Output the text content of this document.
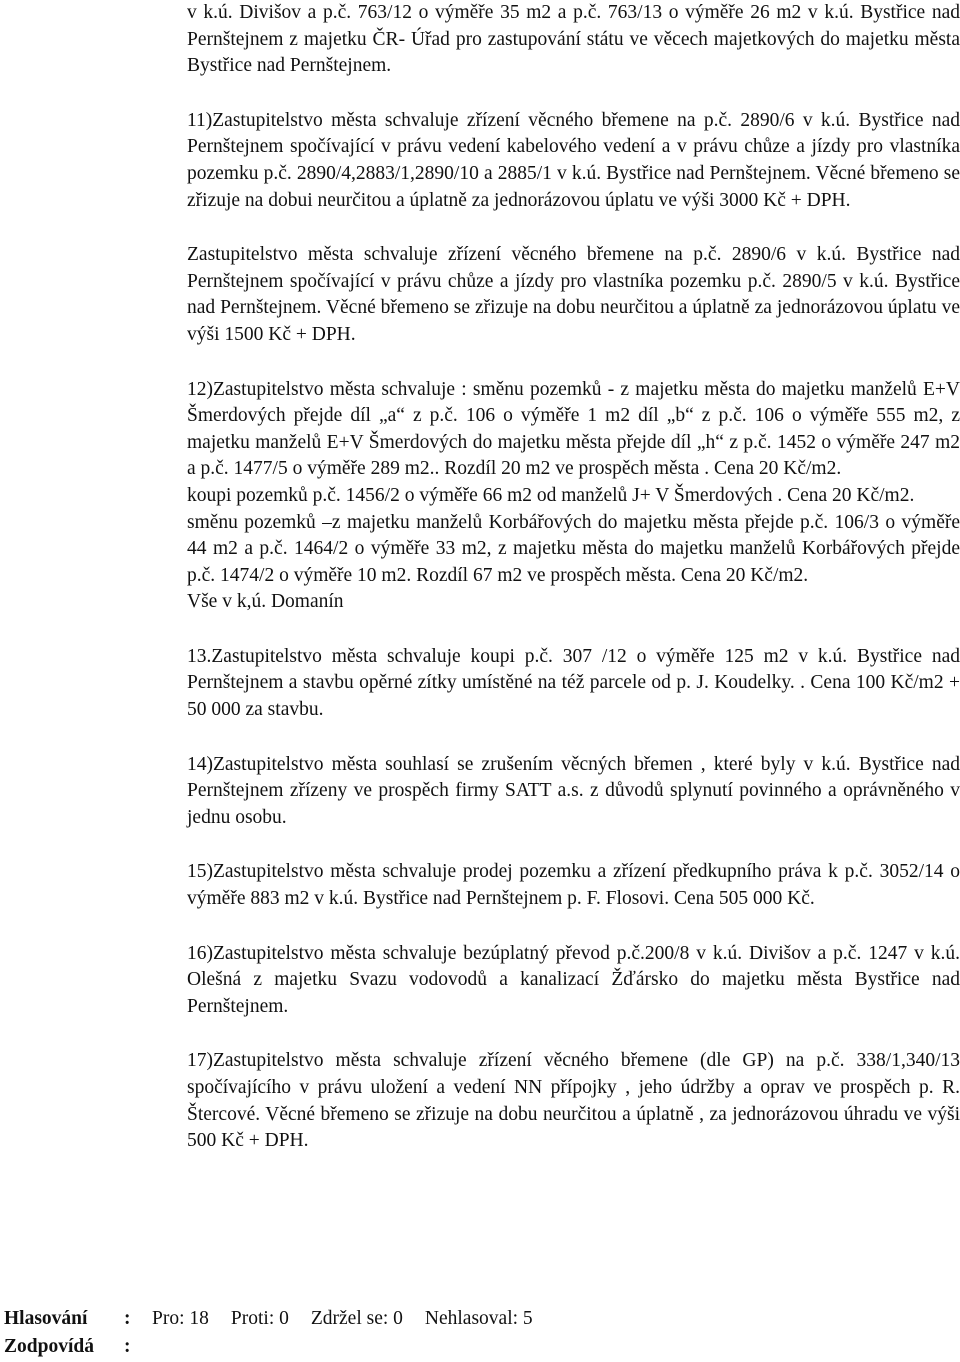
v k.ú. Divišov a p.č. 763/12 o výměře 35 m2 a p.č. 763/13 o výměře 26 m2 v k.ú. Bystřice nad Pernštejnem z majetku ČR- Úřad pro zastupování státu ve věcech majetkových do majetku města Bystřice nad Pernštejnem.

11)Zastupitelstvo města schvaluje zřízení věcného břemene na p.č. 2890/6 v k.ú. Bystřice nad Pernštejnem spočívající v právu vedení kabelového vedení a v právu chůze a jízdy pro vlastníka pozemku p.č. 2890/4,2883/1,2890/10 a 2885/1 v k.ú. Bystřice nad Pernštejnem. Věcné břemeno se zřizuje na dobui neurčitou a úplatně za jednorázovou úplatu ve výši 3000 Kč + DPH.

Zastupitelstvo města schvaluje zřízení věcného břemene na p.č. 2890/6 v k.ú. Bystřice nad Pernštejnem spočívající v právu chůze a jízdy pro vlastníka pozemku p.č. 2890/5 v k.ú. Bystřice nad Pernštejnem. Věcné břemeno se zřizuje na dobu neurčitou a úplatně za jednorázovou úplatu ve výši 1500 Kč + DPH.

12)Zastupitelstvo města schvaluje : směnu pozemků - z majetku města do majetku manželů E+V Šmerdových přejde díl „a“ z p.č. 106 o výměře 1 m2 díl „b“ z p.č. 106 o výměře 555 m2, z majetku manželů E+V Šmerdových do majetku města přejde díl „h“ z p.č. 1452 o výměře 247 m2 a p.č. 1477/5 o výměře 289 m2.. Rozdíl 20 m2 ve prospěch města . Cena 20 Kč/m2.

koupi pozemků p.č. 1456/2 o výměře 66 m2 od manželů J+ V Šmerdových . Cena 20 Kč/m2.

směnu pozemků –z majetku manželů Korbářových do majetku města přejde p.č. 106/3 o výměře 44 m2 a p.č. 1464/2 o výměře 33 m2, z majetku města do majetku manželů Korbářových přejde p.č. 1474/2 o výměře 10 m2. Rozdíl 67 m2 ve prospěch města. Cena 20 Kč/m2.

Vše v k,ú. Domanín

13.Zastupitelstvo města schvaluje koupi p.č. 307 /12 o výměře 125 m2 v k.ú. Bystřice nad Pernštejnem a stavbu opěrné zítky umístěné na též parcele od p. J. Koudelky. . Cena 100 Kč/m2 + 50 000 za stavbu.

14)Zastupitelstvo města souhlasí se zrušením věcných břemen , které byly v k.ú. Bystřice nad Pernštejnem zřízeny ve prospěch firmy SATT a.s. z důvodů splynutí povinného a oprávněného v jednu osobu.

15)Zastupitelstvo města schvaluje prodej pozemku a zřízení předkupního práva k p.č. 3052/14 o výměře 883 m2 v k.ú. Bystřice nad Pernštejnem p. F. Flosovi. Cena 505 000 Kč.

16)Zastupitelstvo města schvaluje bezúplatný převod p.č.200/8 v k.ú. Divišov a p.č. 1247 v k.ú. Olešná z majetku Svazu vodovodů a kanalizací Žďársko do majetku města Bystřice nad Pernštejnem.

17)Zastupitelstvo města schvaluje zřízení věcného břemene (dle GP) na p.č. 338/1,340/13 spočívajícího v právu uložení a vedení NN přípojky , jeho údržby a oprav ve prospěch p. R. Štercové. Věcné břemeno se zřizuje na dobu neurčitou a úplatně , za jednorázovou úhradu ve výši 500 Kč + DPH.

Hlasování	:	Pro: 18 Proti: 0 Zdržel se: 0 Nehlasoval: 5
Zodpovídá	:
